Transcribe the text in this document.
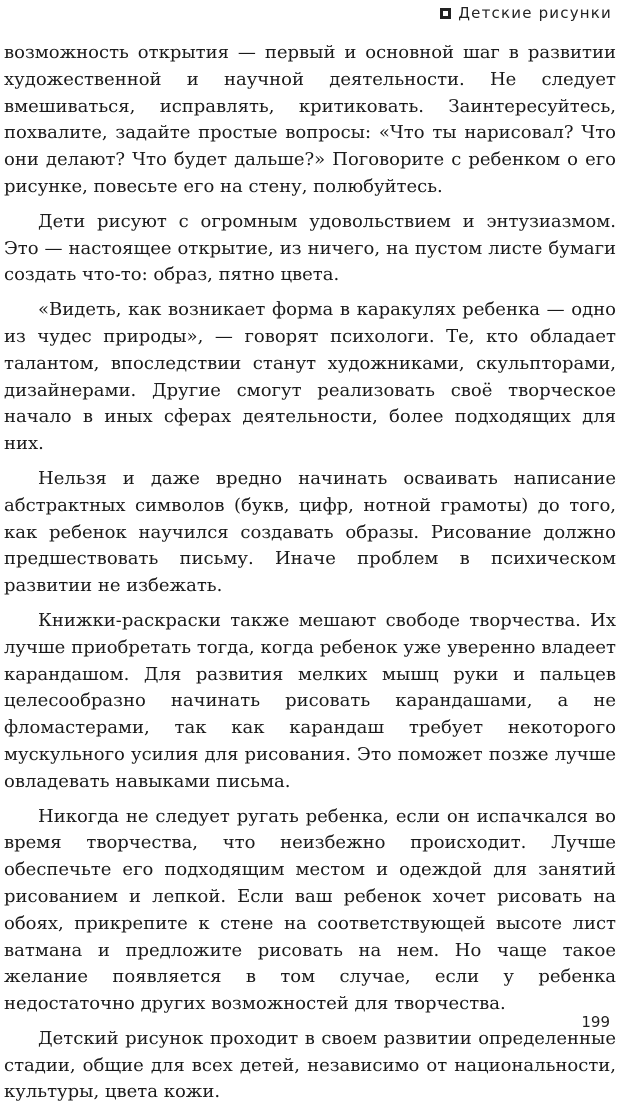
Детские рисунки

возможность открытия — первый и основной шаг в развитии художественной и научной деятельности. Не следует вмешиваться, исправлять, критиковать. Заинтересуйтесь, похвалите, задайте простые вопросы: «Что ты нарисовал? Что они делают? Что будет дальше?» Поговорите с ребенком о его рисунке, повесьте его на стену, полюбуйтесь.

Дети рисуют с огромным удовольствием и энтузиазмом. Это — настоящее открытие, из ничего, на пустом листе бумаги создать что-то: образ, пятно цвета.

«Видеть, как возникает форма в каракулях ребенка — одно из чудес природы», — говорят психологи. Те, кто обладает талантом, впоследствии станут художниками, скульпторами, дизайнерами. Другие смогут реализовать своё творческое начало в иных сферах деятельности, более подходящих для них.

Нельзя и даже вредно начинать осваивать написание абстрактных символов (букв, цифр, нотной грамоты) до того, как ребенок научился создавать образы. Рисование должно предшествовать письму. Иначе проблем в психическом развитии не избежать.

Книжки-раскраски также мешают свободе творчества. Их лучше приобретать тогда, когда ребенок уже уверенно владеет карандашом. Для развития мелких мышц руки и пальцев целесообразно начинать рисовать карандашами, а не фломастерами, так как карандаш требует некоторого мускульного усилия для рисования. Это поможет позже лучше овладевать навыками письма.

Никогда не следует ругать ребенка, если он испачкался во время творчества, что неизбежно происходит. Лучше обеспечьте его подходящим местом и одеждой для занятий рисованием и лепкой. Если ваш ребенок хочет рисовать на обоях, прикрепите к стене на соответствующей высоте лист ватмана и предложите рисовать на нем. Но чаще такое желание появляется в том случае, если у ребенка недостаточно других возможностей для творчества.

Детский рисунок проходит в своем развитии определенные стадии, общие для всех детей, независимо от национальности, культуры, цвета кожи.

199
